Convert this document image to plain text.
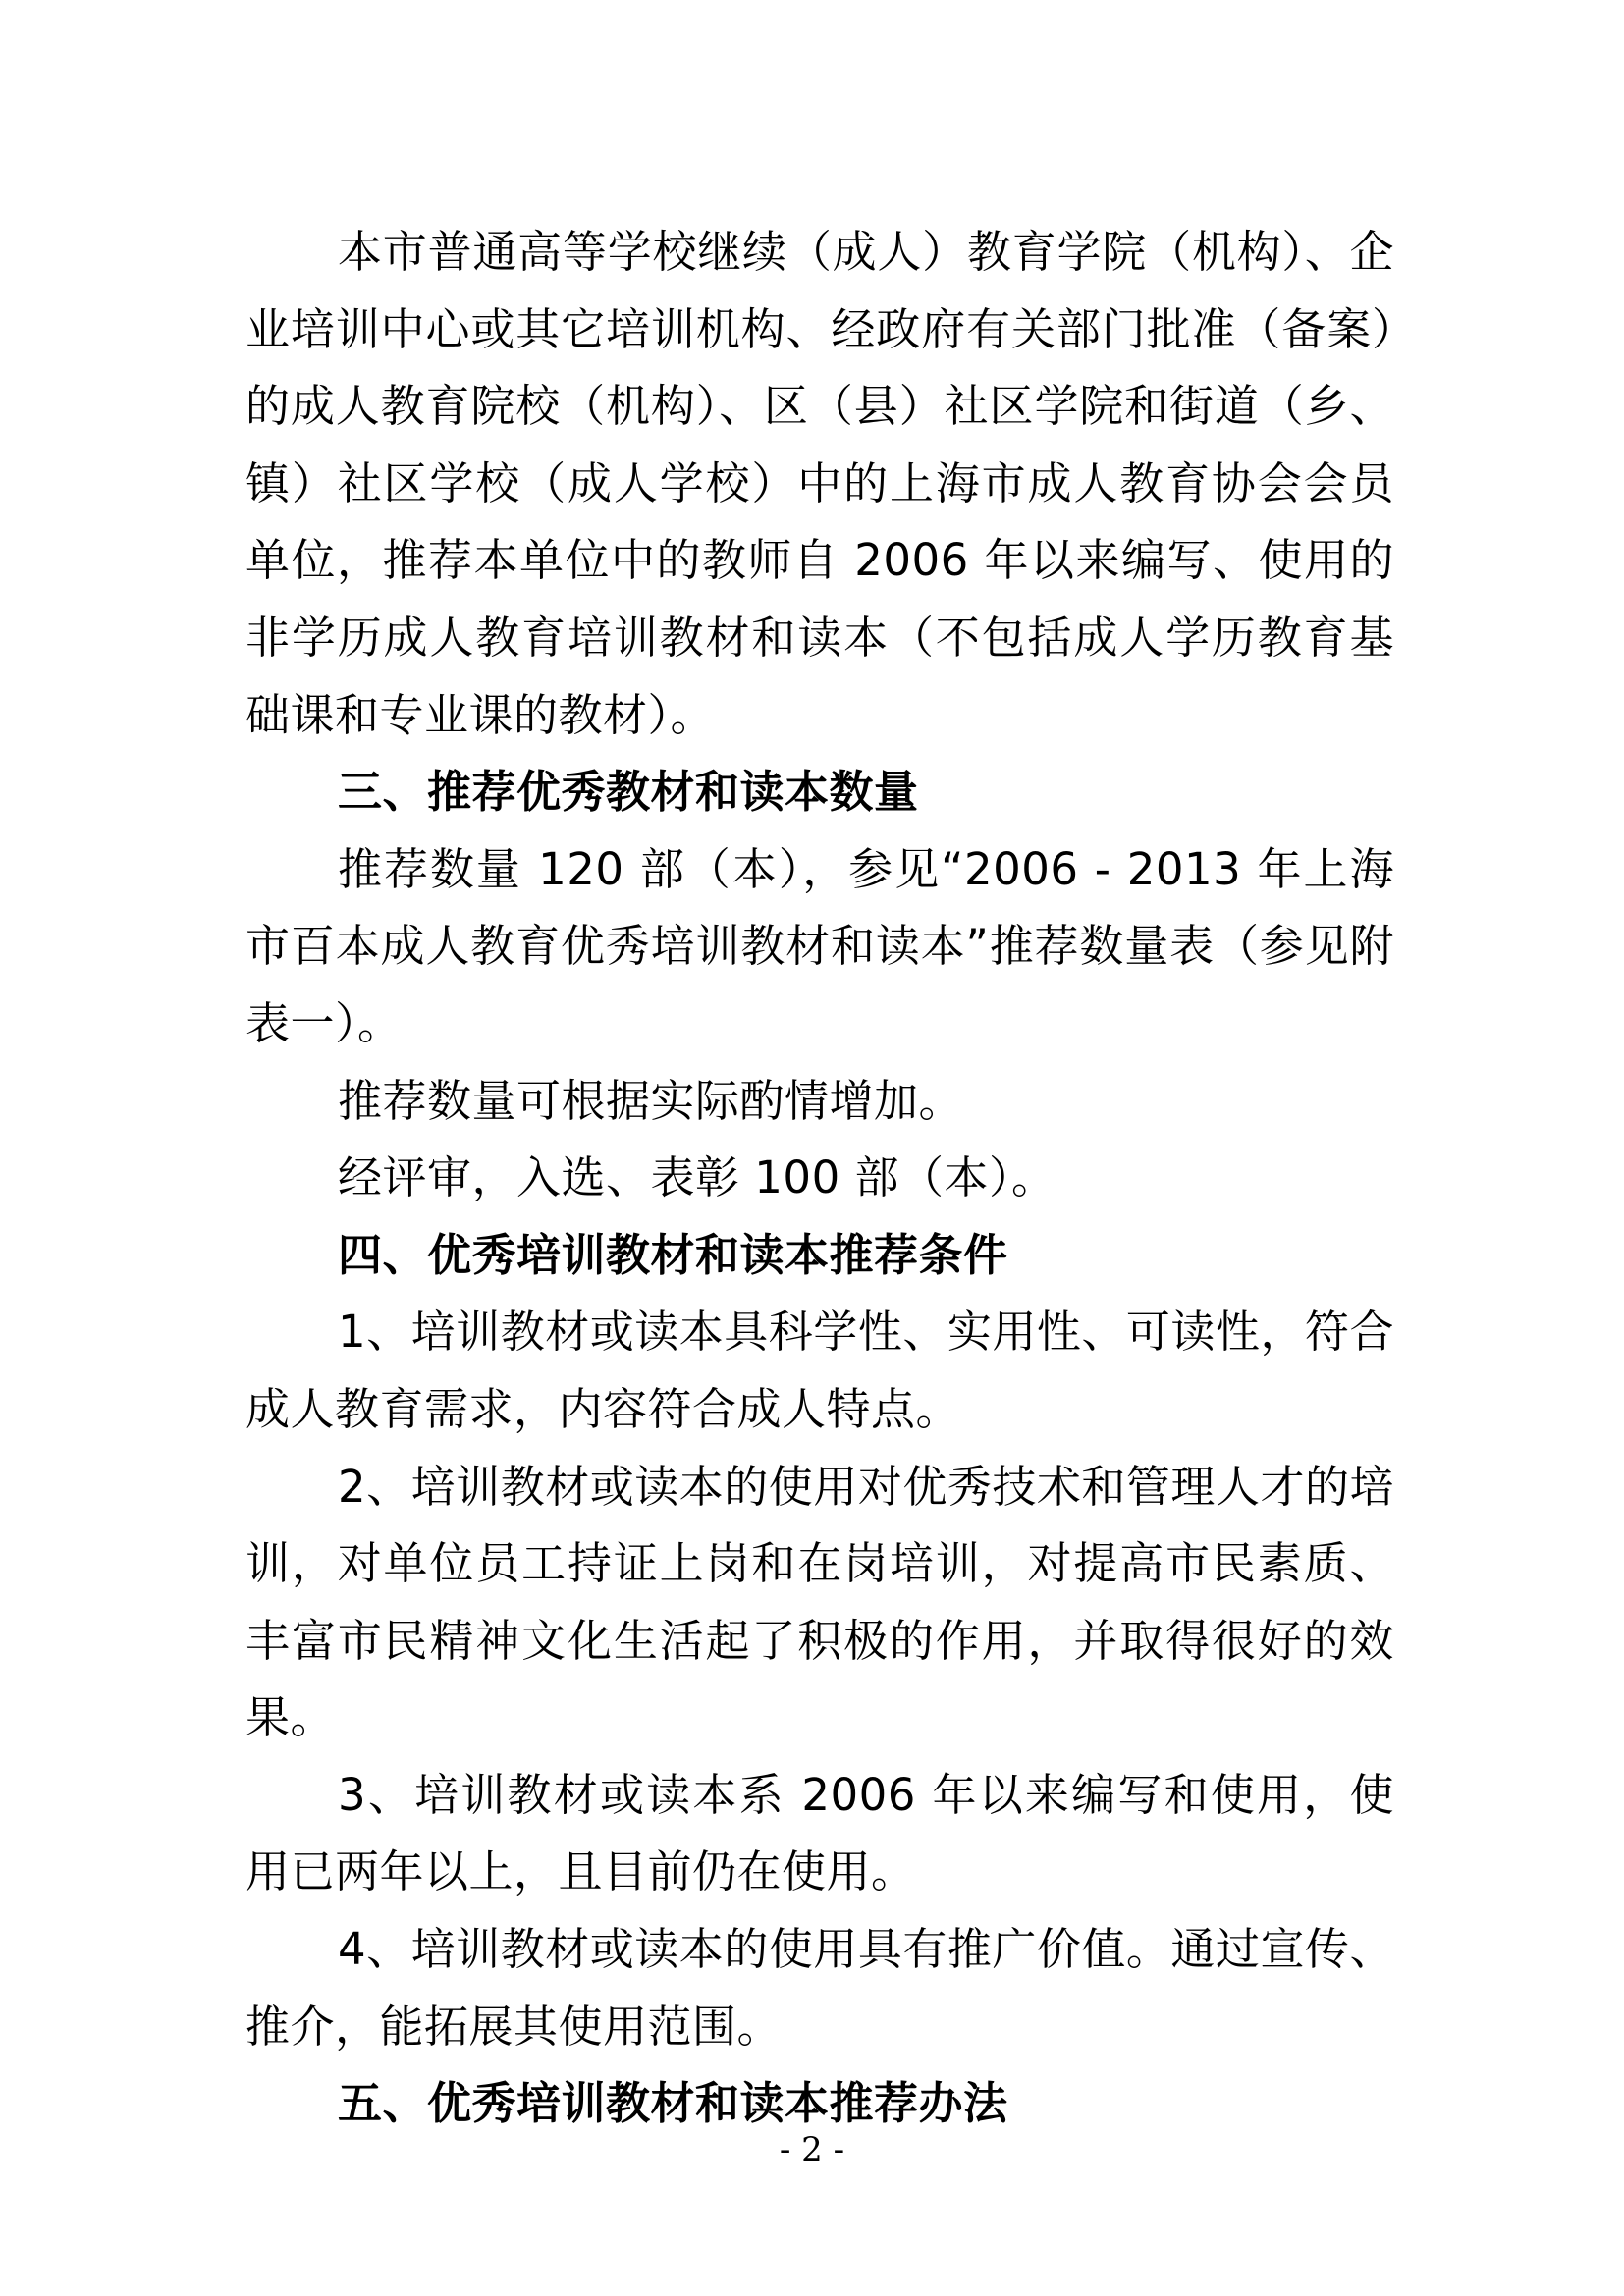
本市普通高等学校继续（成人）教育学院（机构）、企业培训中心或其它培训机构、经政府有关部门批准（备案）的成人教育院校（机构）、区（县）社区学院和街道（乡、镇）社区学校（成人学校）中的上海市成人教育协会会员单位，推荐本单位中的教师自 2006 年以来编写、使用的非学历成人教育培训教材和读本（不包括成人学历教育基础课和专业课的教材）。

三、推荐优秀教材和读本数量

推荐数量 120 部（本），参见“2006 - 2013 年上海市百本成人教育优秀培训教材和读本”推荐数量表（参见附表一）。

推荐数量可根据实际酌情增加。

经评审，入选、表彰 100 部（本）。

四、优秀培训教材和读本推荐条件

1、培训教材或读本具科学性、实用性、可读性，符合成人教育需求，内容符合成人特点。

2、培训教材或读本的使用对优秀技术和管理人才的培训，对单位员工持证上岗和在岗培训，对提高市民素质、丰富市民精神文化生活起了积极的作用，并取得很好的效果。

3、培训教材或读本系 2006 年以来编写和使用，使用已两年以上，且目前仍在使用。

4、培训教材或读本的使用具有推广价值。通过宣传、推介，能拓展其使用范围。

五、优秀培训教材和读本推荐办法

- 2 -
